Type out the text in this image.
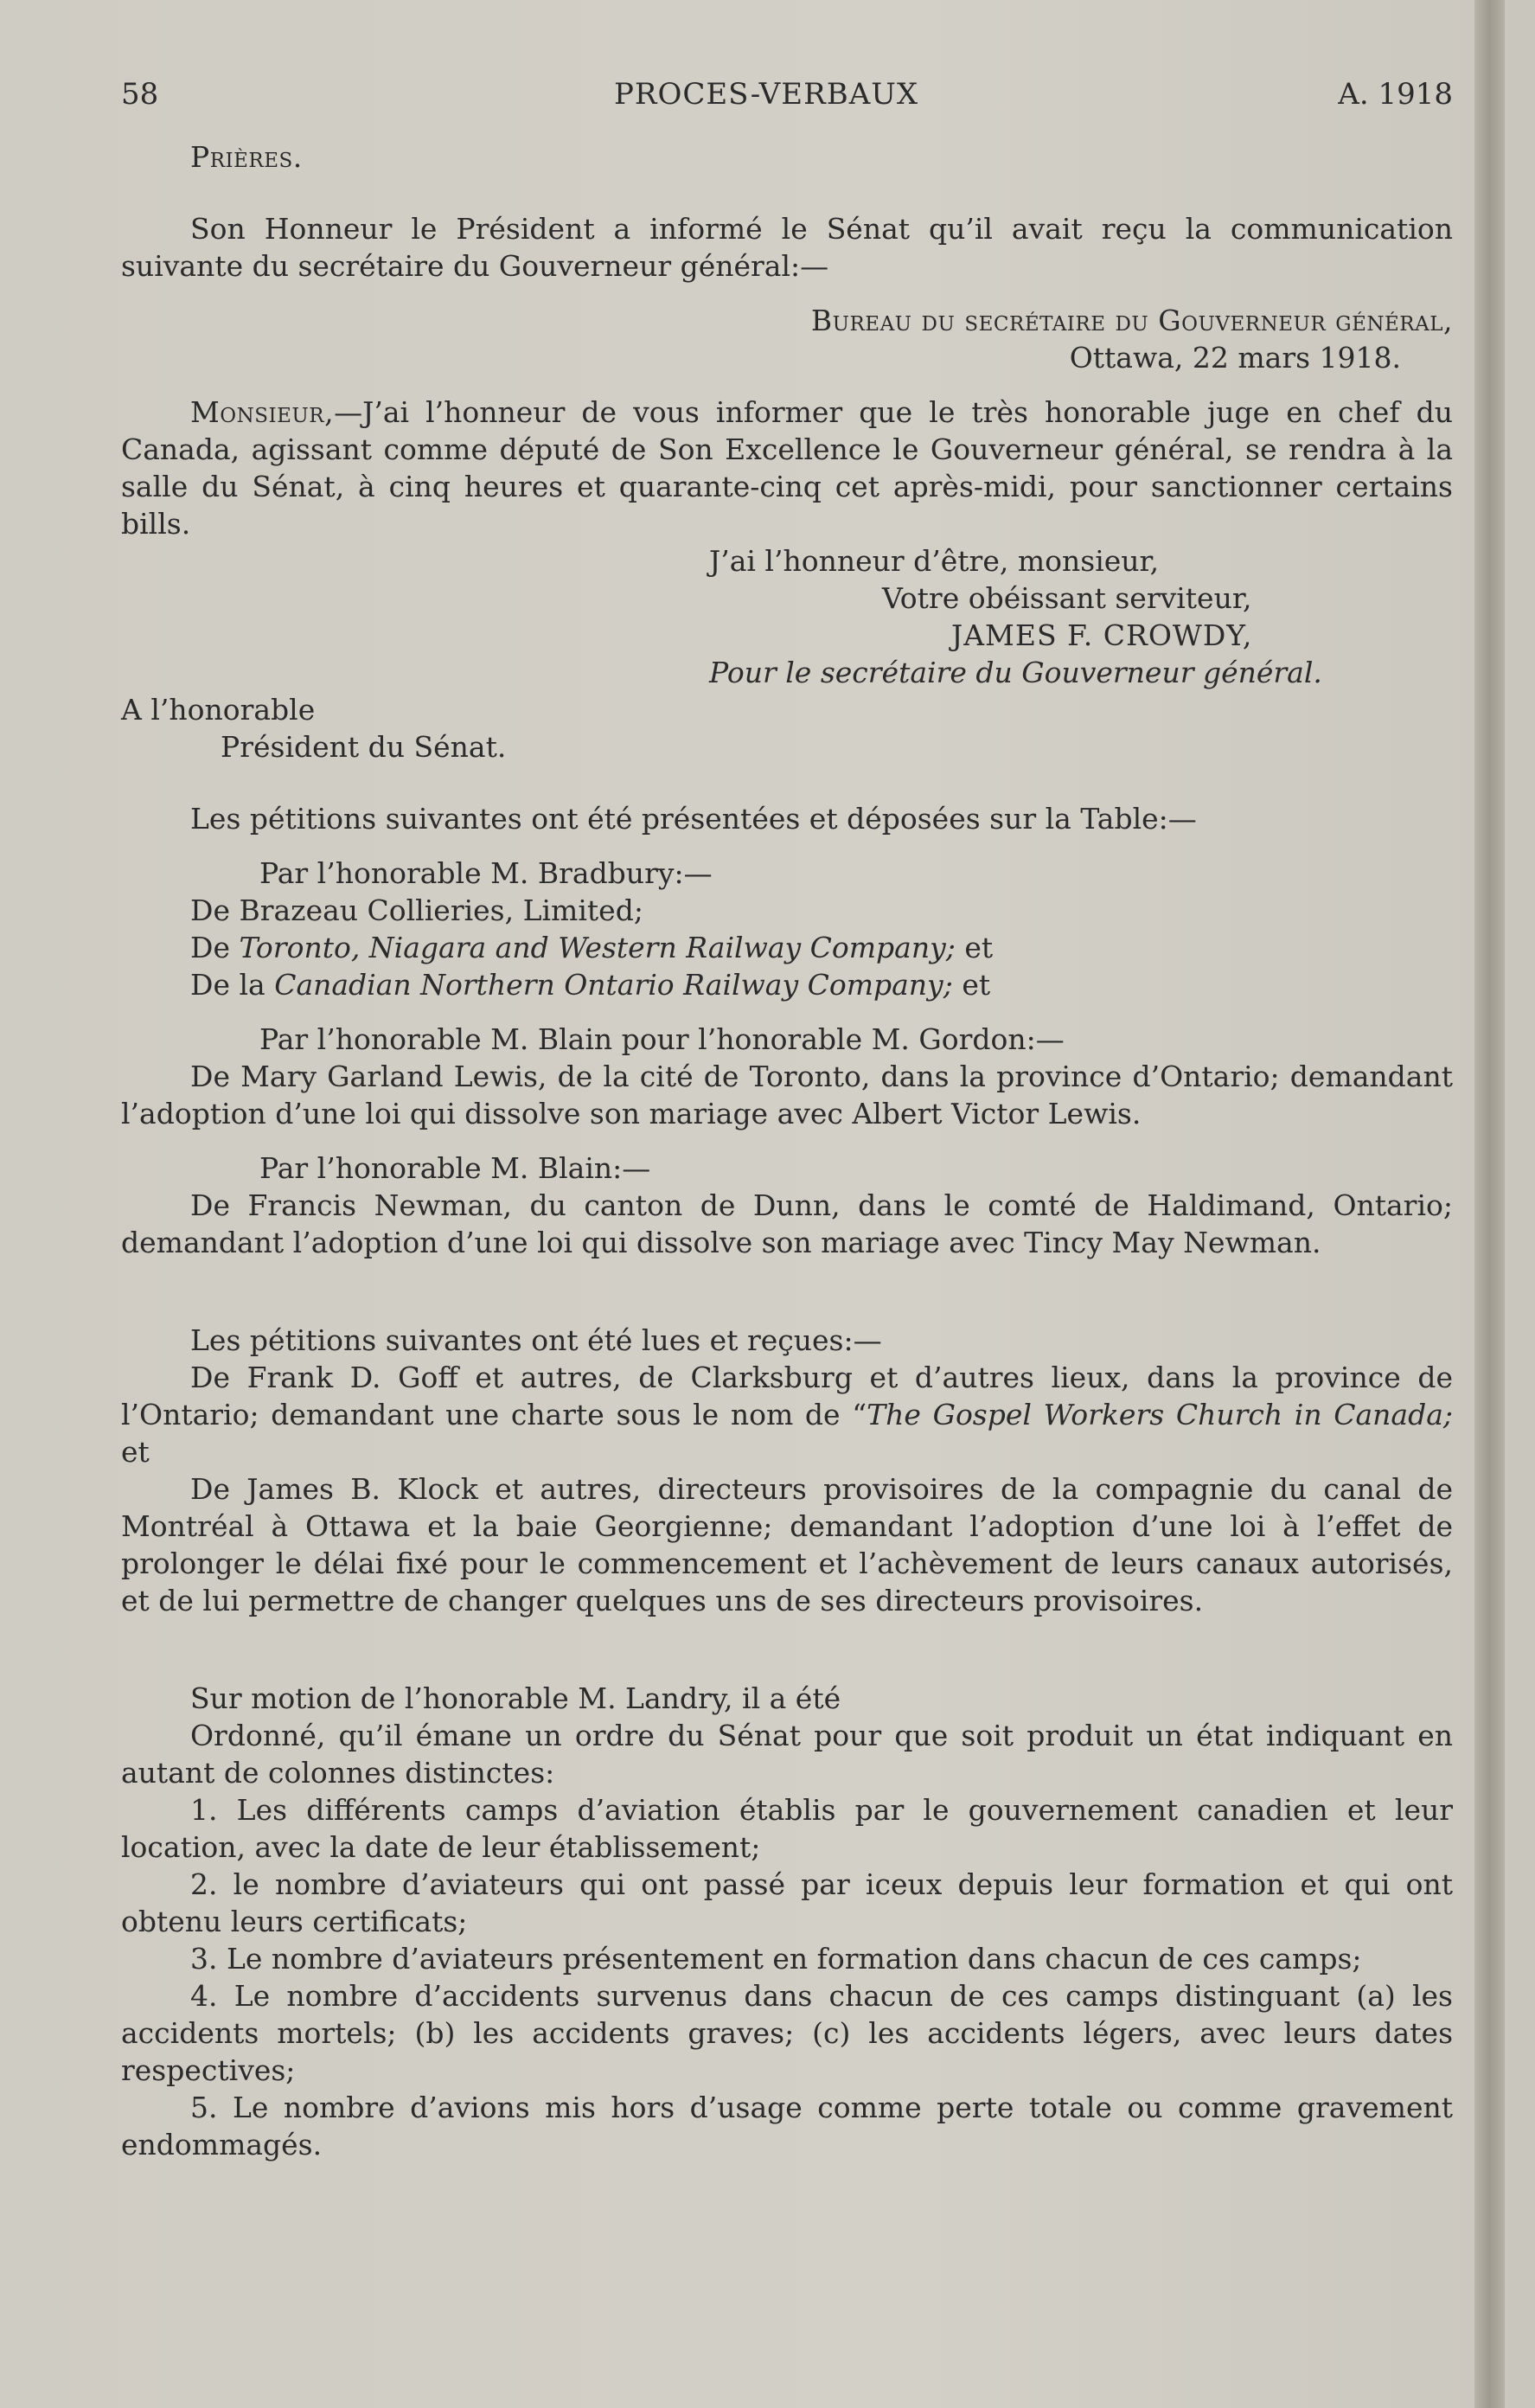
58	PROCES-VERBAUX	A. 1918

Prières.

Son Honneur le Président a informé le Sénat qu’il avait reçu la communication suivante du secrétaire du Gouverneur général:—

Bureau du secrétaire du Gouverneur général,

Ottawa, 22 mars 1918.

Monsieur,—J’ai l’honneur de vous informer que le très honorable juge en chef du Canada, agissant comme député de Son Excellence le Gouverneur général, se rendra à la salle du Sénat, à cinq heures et quarante-cinq cet après-midi, pour sanctionner certains bills.

J’ai l’honneur d’être, monsieur,

Votre obéissant serviteur,

JAMES F. CROWDY,

Pour le secrétaire du Gouverneur général.

A l’honorable

Président du Sénat.

Les pétitions suivantes ont été présentées et déposées sur la Table:—

Par l’honorable M. Bradbury:—

De Brazeau Collieries, Limited;

De Toronto, Niagara and Western Railway Company; et

De la Canadian Northern Ontario Railway Company; et

Par l’honorable M. Blain pour l’honorable M. Gordon:—

De Mary Garland Lewis, de la cité de Toronto, dans la province d’Ontario; demandant l’adoption d’une loi qui dissolve son mariage avec Albert Victor Lewis.

Par l’honorable M. Blain:—

De Francis Newman, du canton de Dunn, dans le comté de Haldimand, Ontario; demandant l’adoption d’une loi qui dissolve son mariage avec Tincy May Newman.

Les pétitions suivantes ont été lues et reçues:—

De Frank D. Goff et autres, de Clarksburg et d’autres lieux, dans la province de l’Ontario; demandant une charte sous le nom de “The Gospel Workers Church in Canada; et

De James B. Klock et autres, directeurs provisoires de la compagnie du canal de Montréal à Ottawa et la baie Georgienne; demandant l’adoption d’une loi à l’effet de prolonger le délai fixé pour le commencement et l’achèvement de leurs canaux autorisés, et de lui permettre de changer quelques uns de ses directeurs provisoires.

Sur motion de l’honorable M. Landry, il a été

Ordonné, qu’il émane un ordre du Sénat pour que soit produit un état indiquant en autant de colonnes distinctes:

1. Les différents camps d’aviation établis par le gouvernement canadien et leur location, avec la date de leur établissement;

2. le nombre d’aviateurs qui ont passé par iceux depuis leur formation et qui ont obtenu leurs certificats;

3. Le nombre d’aviateurs présentement en formation dans chacun de ces camps;

4. Le nombre d’accidents survenus dans chacun de ces camps distinguant (a) les accidents mortels; (b) les accidents graves; (c) les accidents légers, avec leurs dates respectives;

5. Le nombre d’avions mis hors d’usage comme perte totale ou comme gravement endommagés.
